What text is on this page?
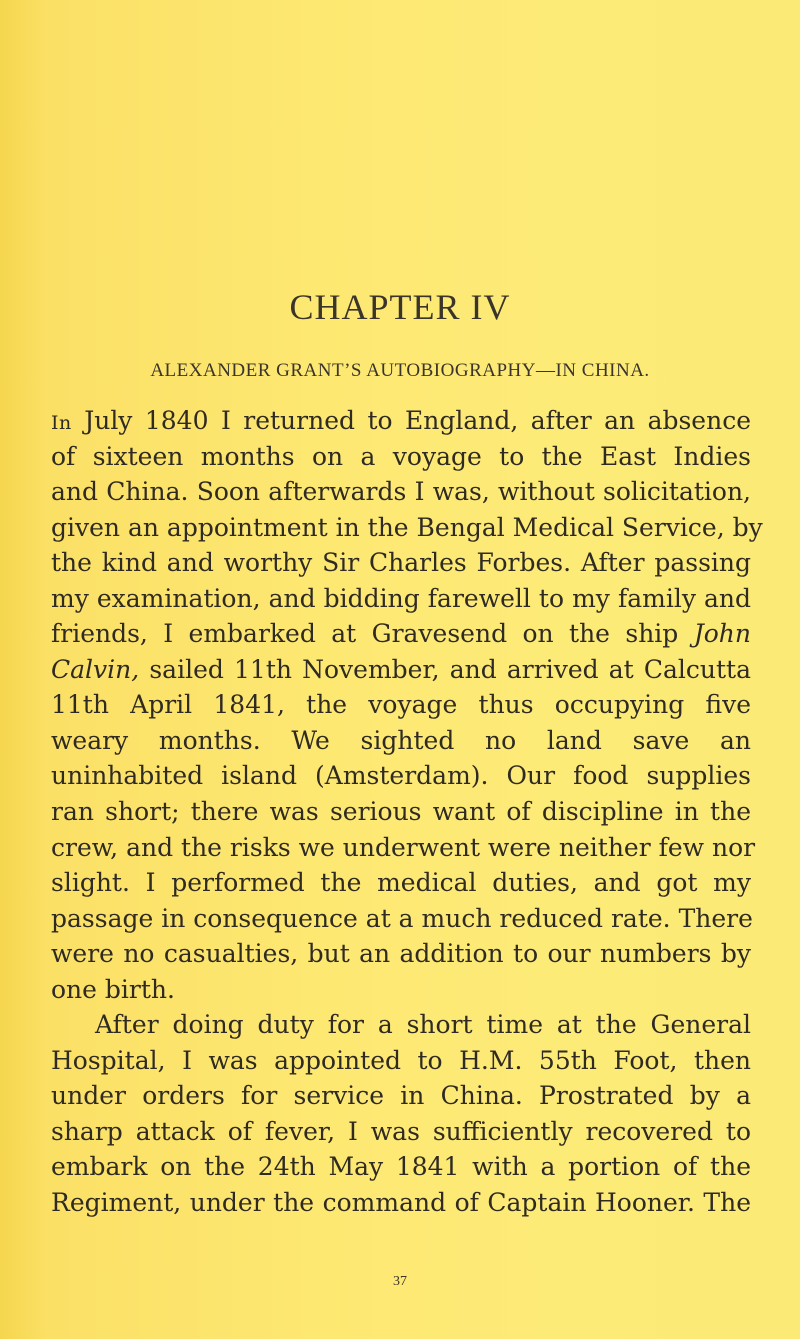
CHAPTER IV
ALEXANDER GRANT’S AUTOBIOGRAPHY—IN CHINA.
In July 1840 I returned to England, after an absence
of sixteen months on a voyage to the East Indies
and China. Soon afterwards I was, without solicitation,
given an appointment in the Bengal Medical Service, by
the kind and worthy Sir Charles Forbes. After passing
my examination, and bidding farewell to my family and
friends, I embarked at Gravesend on the ship John
Calvin, sailed 11th November, and arrived at Calcutta
11th April 1841, the voyage thus occupying five
weary months. We sighted no land save an
uninhabited island (Amsterdam). Our food supplies
ran short; there was serious want of discipline in the
crew, and the risks we underwent were neither few nor
slight. I performed the medical duties, and got my
passage in consequence at a much reduced rate. There
were no casualties, but an addition to our numbers by
one birth.
After doing duty for a short time at the General
Hospital, I was appointed to H.M. 55th Foot, then
under orders for service in China. Prostrated by a
sharp attack of fever, I was sufficiently recovered to
embark on the 24th May 1841 with a portion of the
Regiment, under the command of Captain Hooner. The
37
